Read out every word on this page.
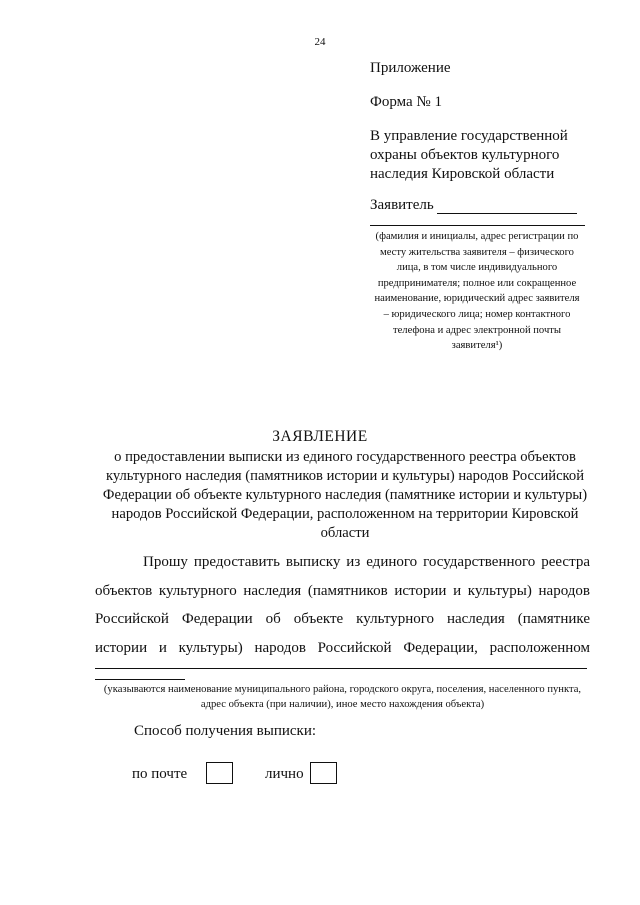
24
Приложение
Форма № 1
В управление государственной
охраны объектов культурного
наследия Кировской области
Заявитель
(фамилия и инициалы, адрес регистрации по месту жительства заявителя – физического лица, в том числе индивидуального предпринимателя; полное или сокращенное наименование, юридический адрес заявителя – юридического лица; номер контактного телефона и адрес электронной почты заявителя¹)
ЗАЯВЛЕНИЕ
о предоставлении выписки из единого государственного реестра объектов культурного наследия (памятников истории и культуры) народов Российской Федерации об объекте культурного наследия (памятнике истории и культуры) народов Российской Федерации, расположенном на территории Кировской области
Прошу предоставить выписку из единого государственного реестра объектов культурного наследия (памятников истории и культуры) народов Российской Федерации об объекте культурного наследия (памятнике истории и культуры) народов Российской Федерации, расположенном
(указываются наименование муниципального района, городского округа, поселения, населенного пункта, адрес объекта (при наличии), иное место нахождения объекта)
Способ получения выписки:
по почте	лично
